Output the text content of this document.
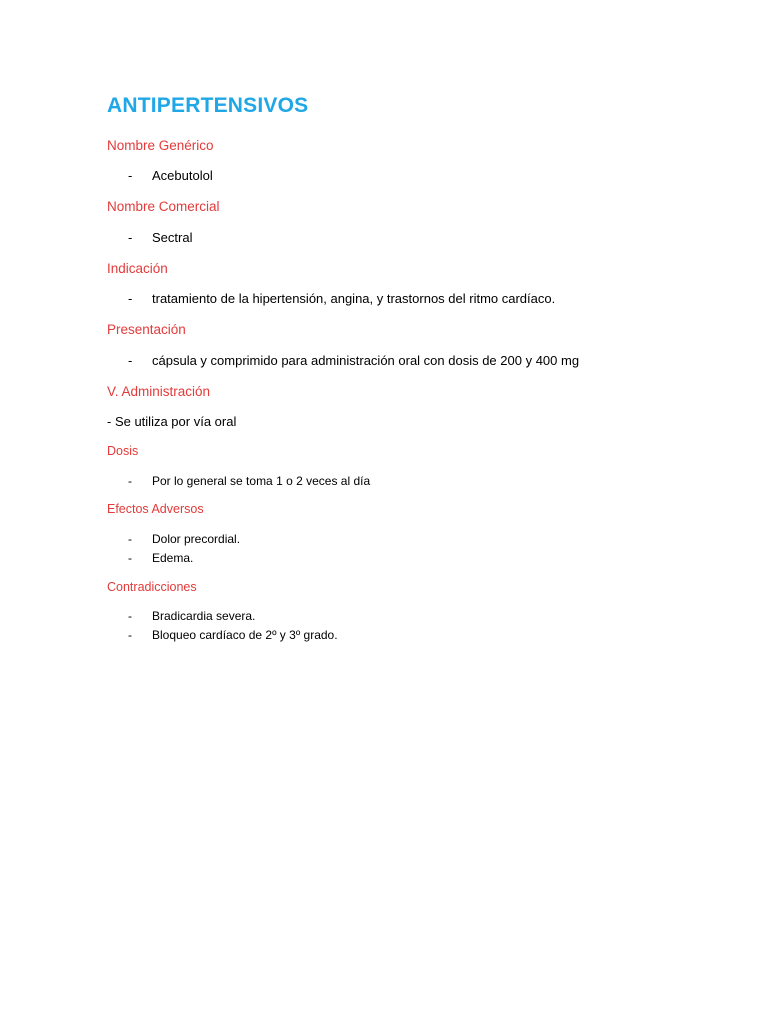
ANTIPERTENSIVOS
Nombre Genérico
-	Acebutolol
Nombre Comercial
-	Sectral
Indicación
-	tratamiento de la hipertensión, angina, y trastornos del ritmo cardíaco.
Presentación
-	cápsula y comprimido para administración oral con dosis de 200 y 400 mg
V. Administración
- Se utiliza por vía oral
Dosis
-	Por lo general se toma 1 o 2 veces al día
Efectos Adversos
-	Dolor precordial.
-	Edema.
Contradicciones
-	Bradicardia severa.
-	Bloqueo cardíaco de 2º y 3º grado.
